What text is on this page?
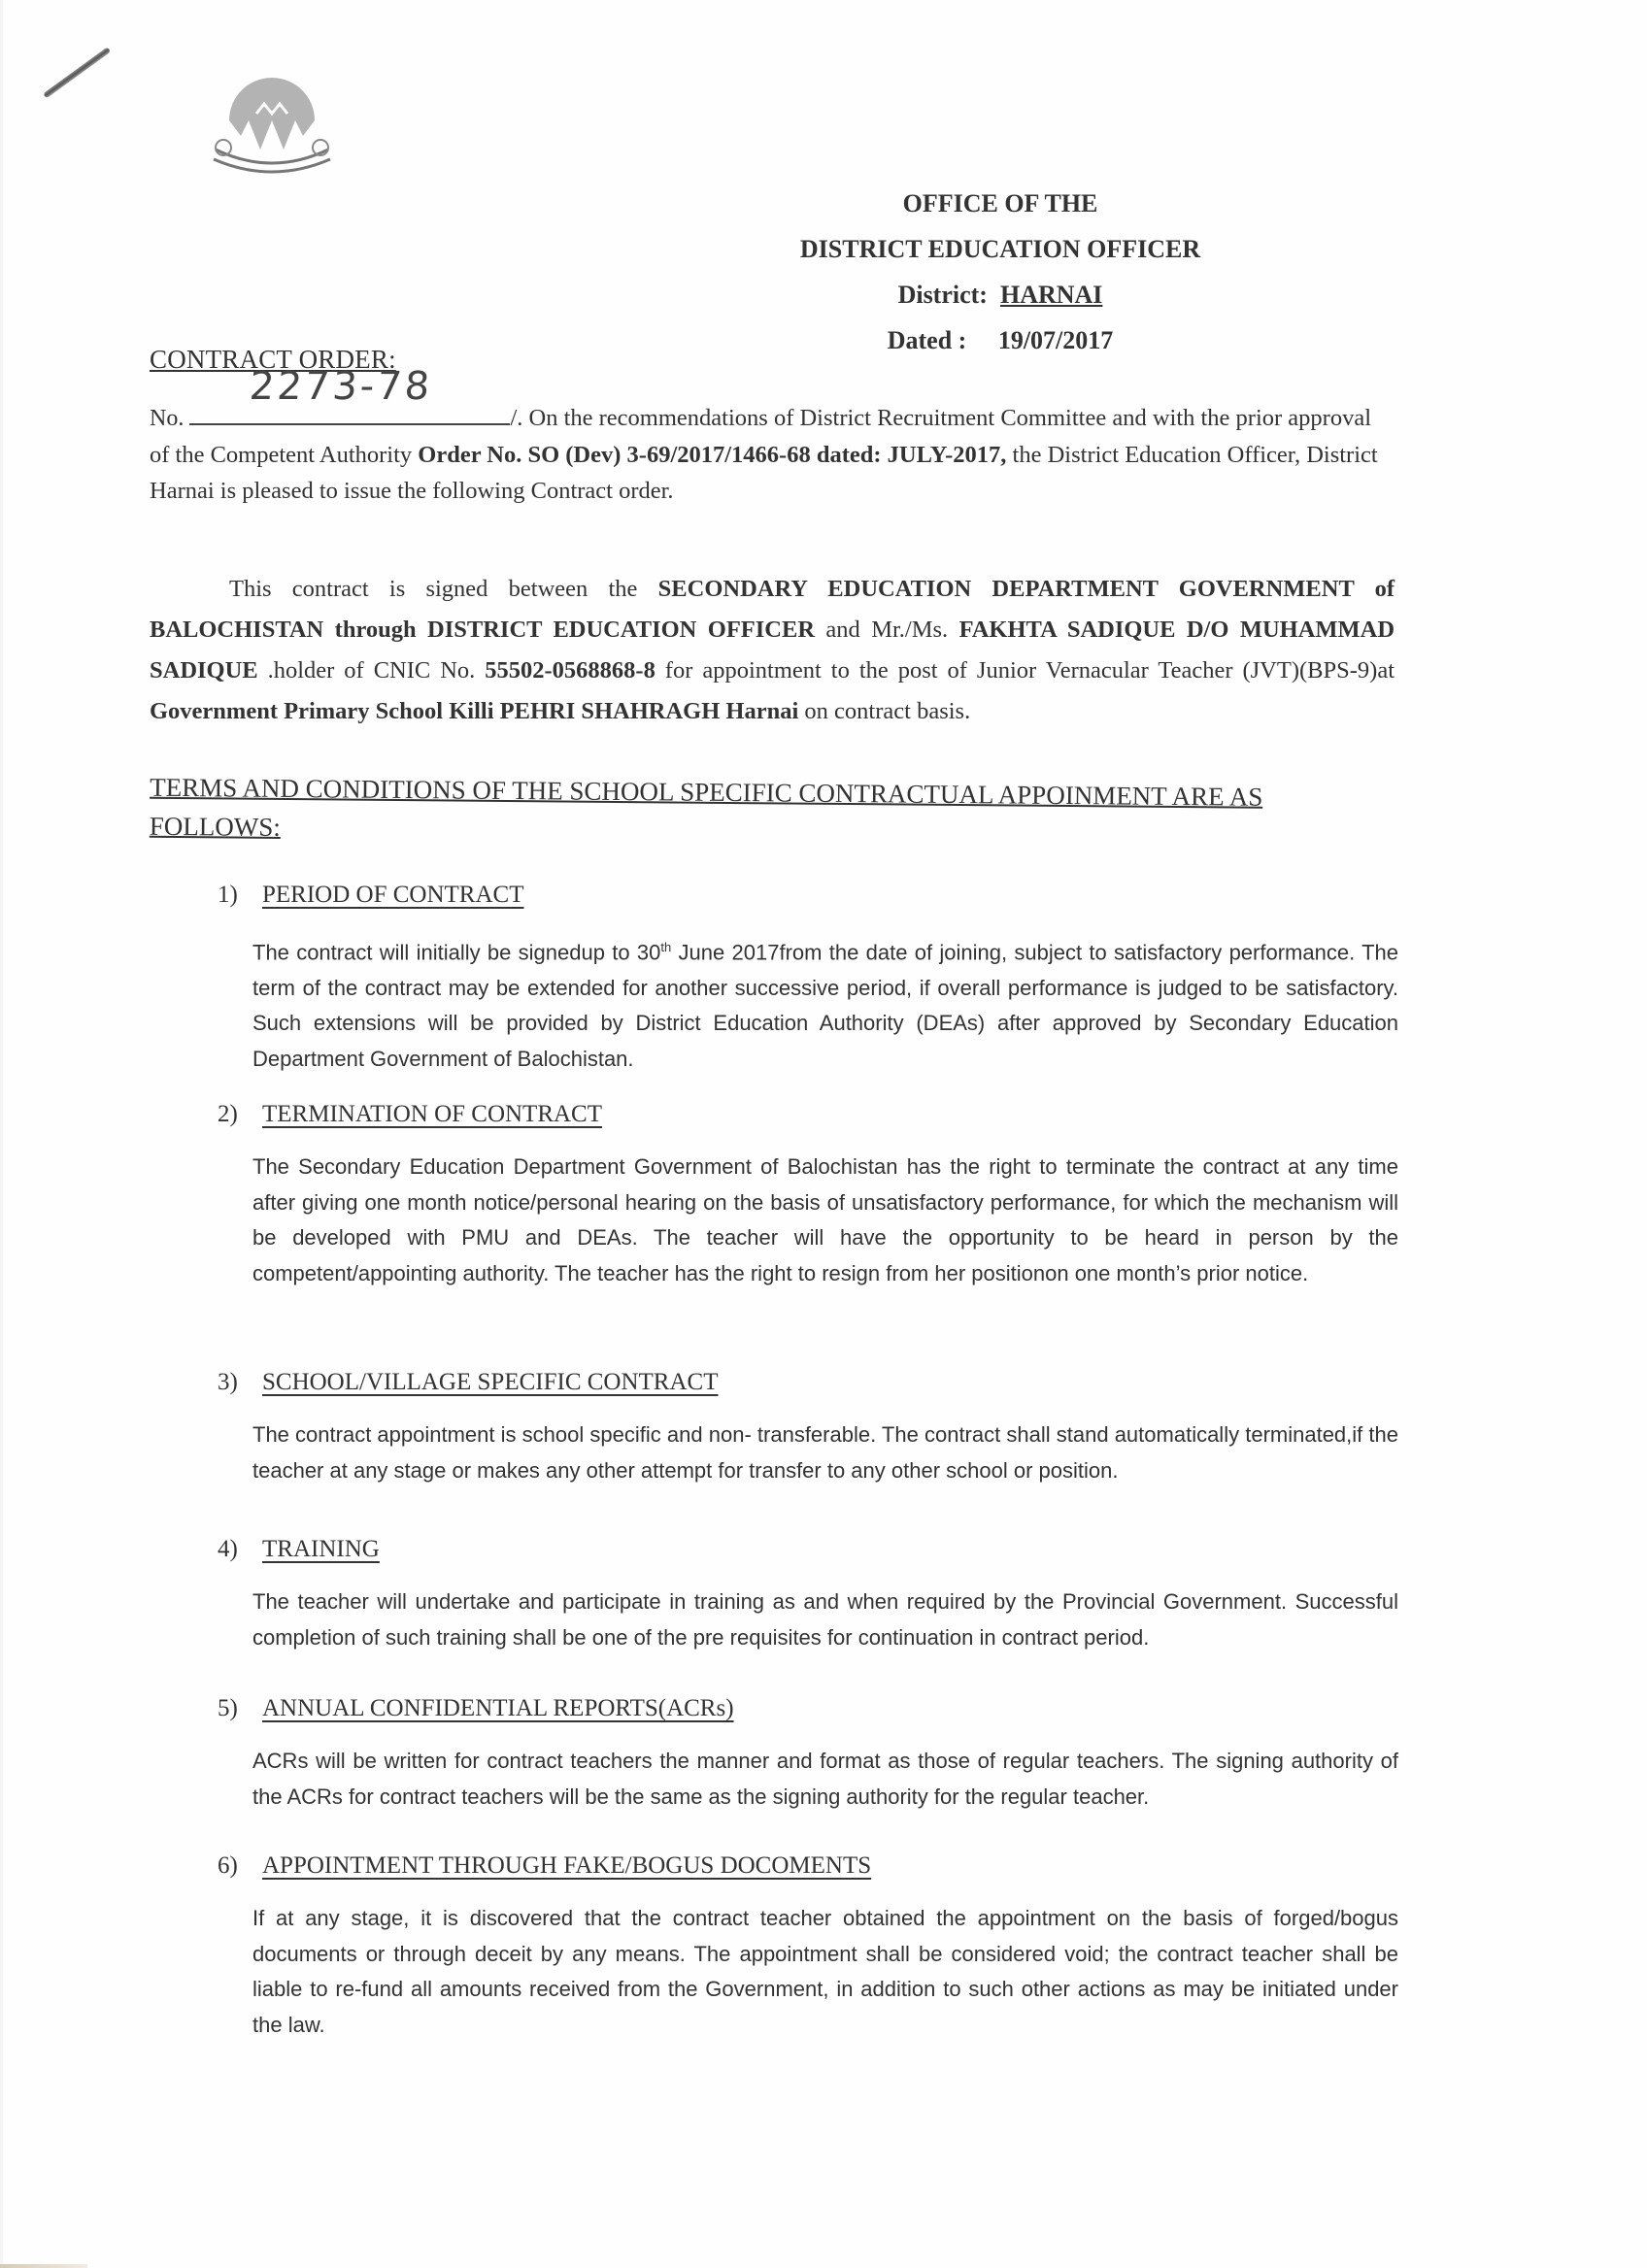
OFFICE OF THE
DISTRICT EDUCATION OFFICER
District: HARNAI
Dated : 19/07/2017
CONTRACT ORDER:
No.
2273-78
/. On the recommendations of District Recruitment Committee and with the prior approval of the Competent Authority Order No. SO (Dev) 3-69/2017/1466-68 dated: JULY-2017, the District Education Officer, District Harnai is pleased to issue the following Contract order.
This contract is signed between the SECONDARY EDUCATION DEPARTMENT GOVERNMENT of BALOCHISTAN through DISTRICT EDUCATION OFFICER and Mr./Ms. FAKHTA SADIQUE D/O MUHAMMAD SADIQUE .holder of CNIC No. 55502-0568868-8 for appointment to the post of Junior Vernacular Teacher (JVT)(BPS-9)at Government Primary School Killi PEHRI SHAHRAGH Harnai on contract basis.
TERMS AND CONDITIONS OF THE SCHOOL SPECIFIC CONTRACTUAL APPOINMENT ARE AS FOLLOWS:
1) PERIOD OF CONTRACT
The contract will initially be signedup to 30th June 2017from the date of joining, subject to satisfactory performance. The term of the contract may be extended for another successive period, if overall performance is judged to be satisfactory. Such extensions will be provided by District Education Authority (DEAs) after approved by Secondary Education Department Government of Balochistan.
2) TERMINATION OF CONTRACT
The Secondary Education Department Government of Balochistan has the right to terminate the contract at any time after giving one month notice/personal hearing on the basis of unsatisfactory performance, for which the mechanism will be developed with PMU and DEAs. The teacher will have the opportunity to be heard in person by the competent/appointing authority. The teacher has the right to resign from her positionon one month’s prior notice.
3) SCHOOL/VILLAGE SPECIFIC CONTRACT
The contract appointment is school specific and non- transferable. The contract shall stand automatically terminated,if the teacher at any stage or makes any other attempt for transfer to any other school or position.
4) TRAINING
The teacher will undertake and participate in training as and when required by the Provincial Government. Successful completion of such training shall be one of the pre requisites for continuation in contract period.
5) ANNUAL CONFIDENTIAL REPORTS(ACRs)
ACRs will be written for contract teachers the manner and format as those of regular teachers. The signing authority of the ACRs for contract teachers will be the same as the signing authority for the regular teacher.
6) APPOINTMENT THROUGH FAKE/BOGUS DOCOMENTS
If at any stage, it is discovered that the contract teacher obtained the appointment on the basis of forged/bogus documents or through deceit by any means. The appointment shall be considered void; the contract teacher shall be liable to re-fund all amounts received from the Government, in addition to such other actions as may be initiated under the law.
